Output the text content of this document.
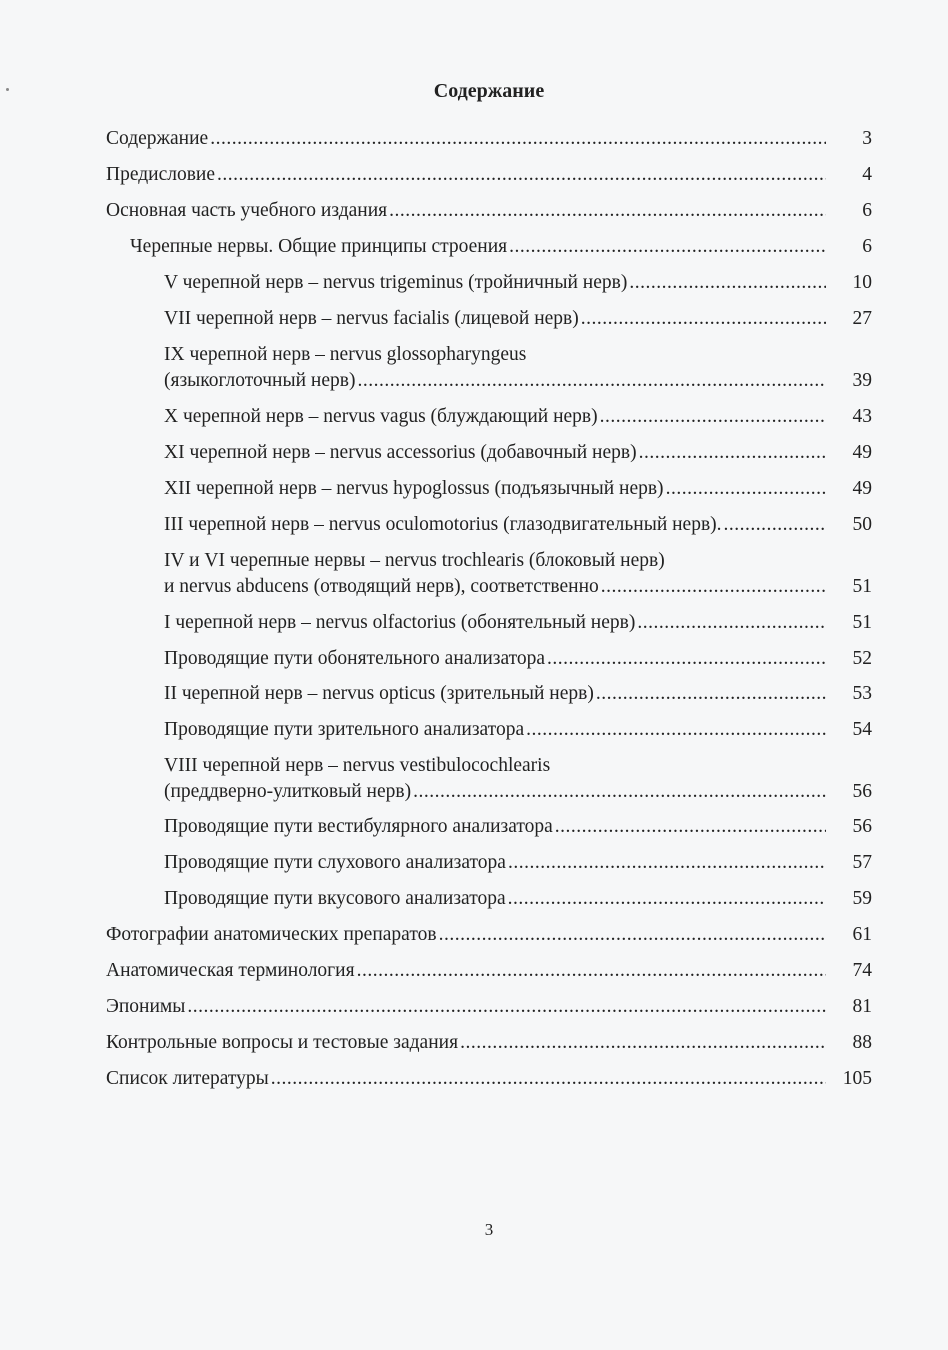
Содержание
Содержание .....	3
Предисловие .....	4
Основная часть учебного издания .....	6
Черепные нервы. Общие принципы строения .....	6
V черепной нерв – nervus trigeminus (тройничный нерв) .....	10
VII черепной нерв – nervus facialis (лицевой нерв) .....	27
IX черепной нерв – nervus glossopharyngeus
(языкоглоточный нерв) .....	39
X черепной нерв – nervus vagus (блуждающий нерв) .....	43
XI черепной нерв – nervus accessorius (добавочный нерв) .....	49
XII черепной нерв – nervus hypoglossus (подъязычный нерв) .....	49
III черепной нерв – nervus oculomotorius (глазодвигательный нерв). .....	50
IV и VI черепные нервы – nervus trochlearis (блоковый нерв)
и nervus abducens (отводящий нерв), соответственно .....	51
I черепной нерв – nervus olfactorius (обонятельный нерв) .....	51
Проводящие пути обонятельного анализатора .....	52
II черепной нерв – nervus opticus (зрительный нерв) .....	53
Проводящие пути зрительного анализатора .....	54
VIII черепной нерв – nervus vestibulocochlearis
(преддверно-улитковый нерв) .....	56
Проводящие пути вестибулярного анализатора .....	56
Проводящие пути слухового анализатора .....	57
Проводящие пути вкусового анализатора .....	59
Фотографии анатомических препаратов .....	61
Анатомическая терминология .....	74
Эпонимы .....	81
Контрольные вопросы и тестовые задания .....	88
Список литературы .....	105
3
